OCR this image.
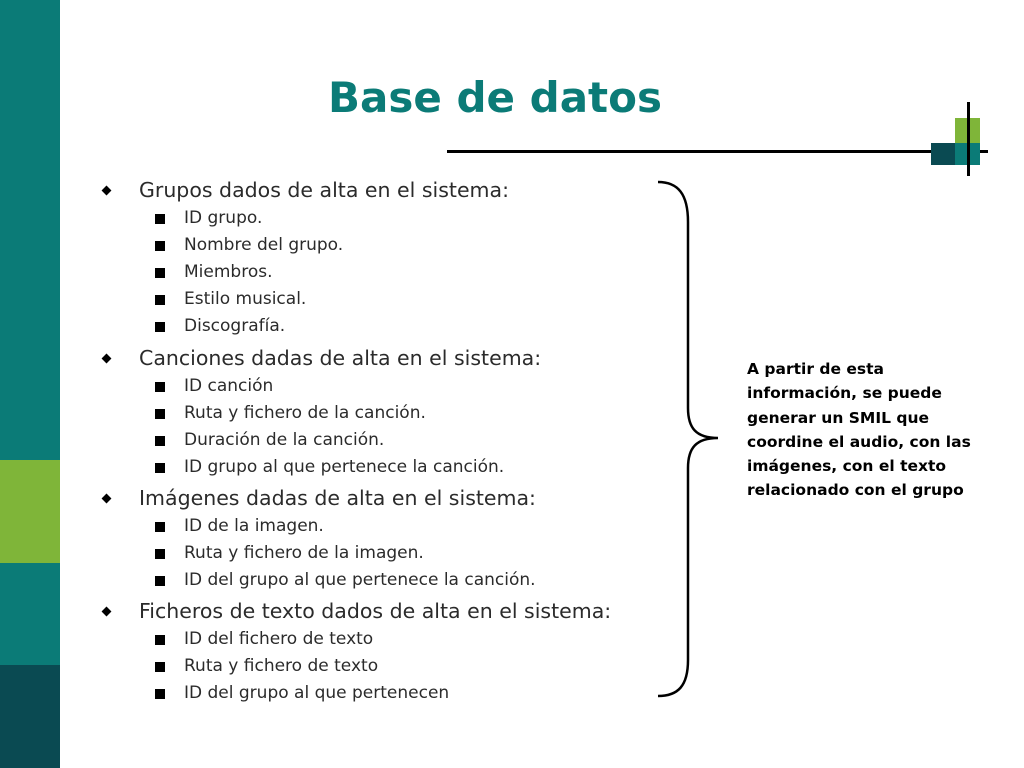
Base de datos
Grupos dados de alta en el sistema:
ID grupo.
Nombre del grupo.
Miembros.
Estilo musical.
Discografía.
Canciones dadas de alta en el sistema:
ID canción
Ruta y fichero de la canción.
Duración de la canción.
ID grupo al que pertenece la canción.
Imágenes dadas de alta en el sistema:
ID de la imagen.
Ruta y fichero de la imagen.
ID del grupo al que pertenece la canción.
Ficheros de texto dados de alta en el sistema:
ID del fichero de texto
Ruta y fichero de texto
ID del grupo al que pertenecen
A partir de esta información, se puede generar un SMIL que coordine el audio, con las imágenes, con el texto relacionado con el grupo
